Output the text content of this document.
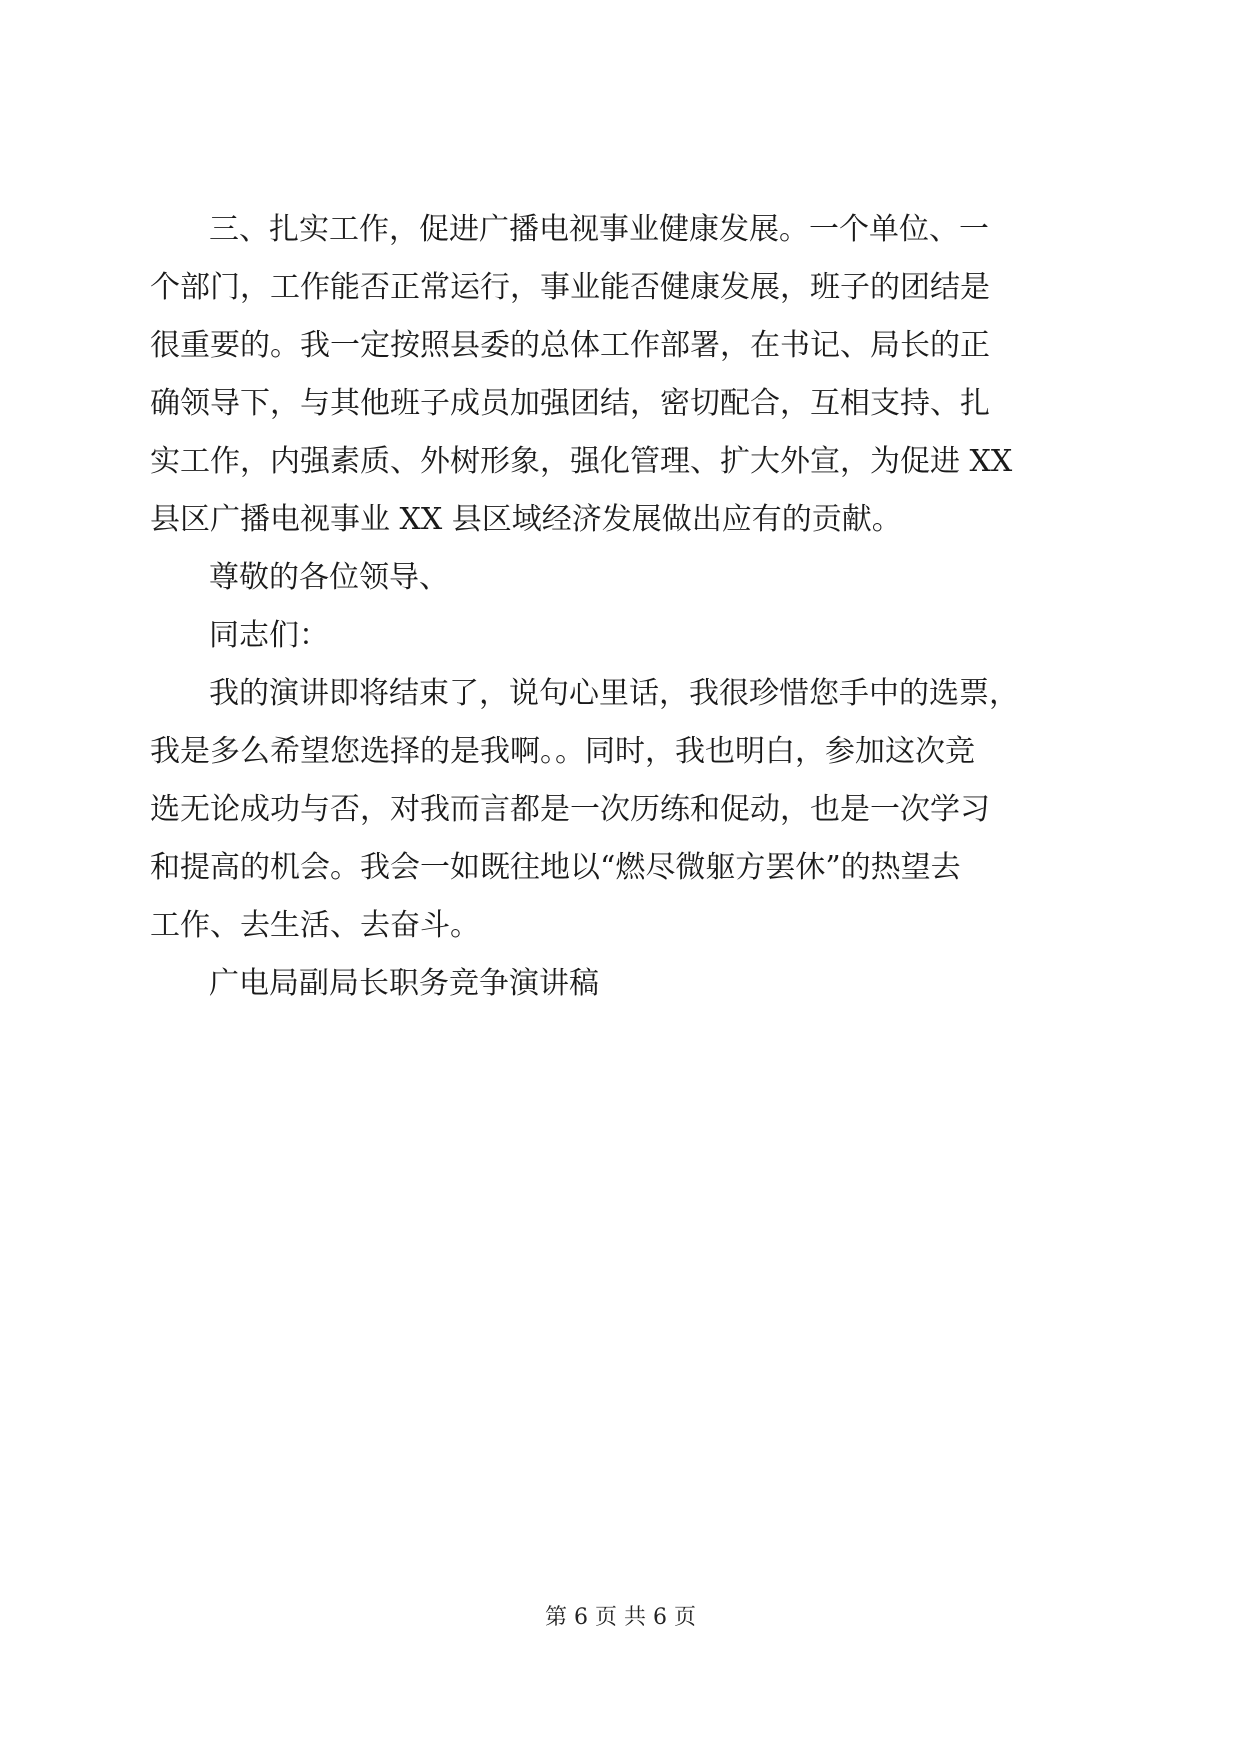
三、扎实工作，促进广播电视事业健康发展。一个单位、一
个部门，工作能否正常运行，事业能否健康发展，班子的团结是
很重要的。我一定按照县委的总体工作部署，在书记、局长的正
确领导下，与其他班子成员加强团结，密切配合，互相支持、扎
实工作，内强素质、外树形象，强化管理、扩大外宣，为促进 XX
县区广播电视事业 XX 县区域经济发展做出应有的贡献。
尊敬的各位领导、
同志们：
我的演讲即将结束了，说句心里话，我很珍惜您手中的选票，
我是多么希望您选择的是我啊。。同时，我也明白，参加这次竞
选无论成功与否，对我而言都是一次历练和促动，也是一次学习
和提高的机会。我会一如既往地以“燃尽微躯方罢休”的热望去
工作、去生活、去奋斗。
广电局副局长职务竞争演讲稿
第 6 页 共 6 页
